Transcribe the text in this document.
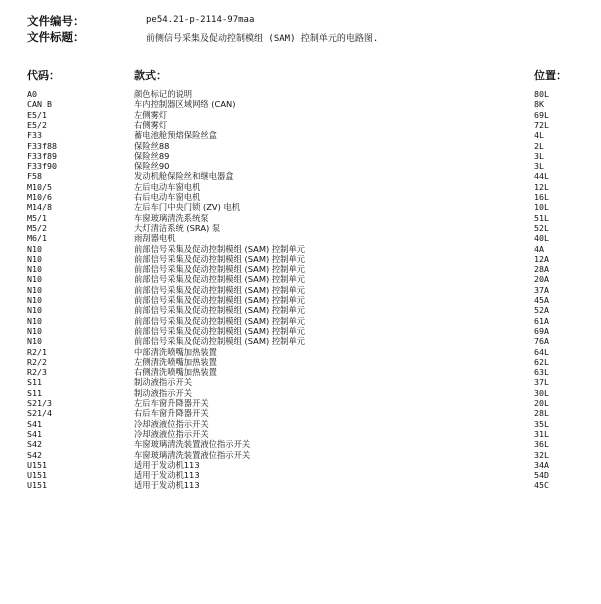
文件编号：	pe54.21-p-2114-97maa
文件标题：	前侧信号采集及促动控制模组 (SAM) 控制单元的电路图.
代码：	款式：	位置：
A0	颜色标记的说明	80L
CAN B	车内控制器区域网络 (CAN)	8K
E5/1	左侧雾灯	69L
E5/2	右侧雾灯	72L
F33	蓄电池舱预熔保险丝盒	4L
F33f88	保险丝88	2L
F33f89	保险丝89	3L
F33f90	保险丝90	3L
F58	发动机舱保险丝和继电器盒	44L
M10/5	左后电动车窗电机	12L
M10/6	右后电动车窗电机	16L
M14/8	左后车门中央门锁 (ZV) 电机	10L
M5/1	车窗玻璃清洗系统泵	51L
M5/2	大灯清洁系统 (SRA) 泵	52L
M6/1	雨刮器电机	40L
N10	前部信号采集及促动控制模组 (SAM) 控制单元	4A
N10	前部信号采集及促动控制模组 (SAM) 控制单元	12A
N10	前部信号采集及促动控制模组 (SAM) 控制单元	28A
N10	前部信号采集及促动控制模组 (SAM) 控制单元	20A
N10	前部信号采集及促动控制模组 (SAM) 控制单元	37A
N10	前部信号采集及促动控制模组 (SAM) 控制单元	45A
N10	前部信号采集及促动控制模组 (SAM) 控制单元	52A
N10	前部信号采集及促动控制模组 (SAM) 控制单元	61A
N10	前部信号采集及促动控制模组 (SAM) 控制单元	69A
N10	前部信号采集及促动控制模组 (SAM) 控制单元	76A
R2/1	中部清洗喷嘴加热装置	64L
R2/2	左侧清洗喷嘴加热装置	62L
R2/3	右侧清洗喷嘴加热装置	63L
S11	制动液指示开关	37L
S11	制动液指示开关	30L
S21/3	左后车窗升降器开关	20L
S21/4	右后车窗升降器开关	28L
S41	冷却液液位指示开关	35L
S41	冷却液液位指示开关	31L
S42	车窗玻璃清洗装置液位指示开关	36L
S42	车窗玻璃清洗装置液位指示开关	32L
U151	适用于发动机113	34A
U151	适用于发动机113	54D
U151	适用于发动机113	45C
